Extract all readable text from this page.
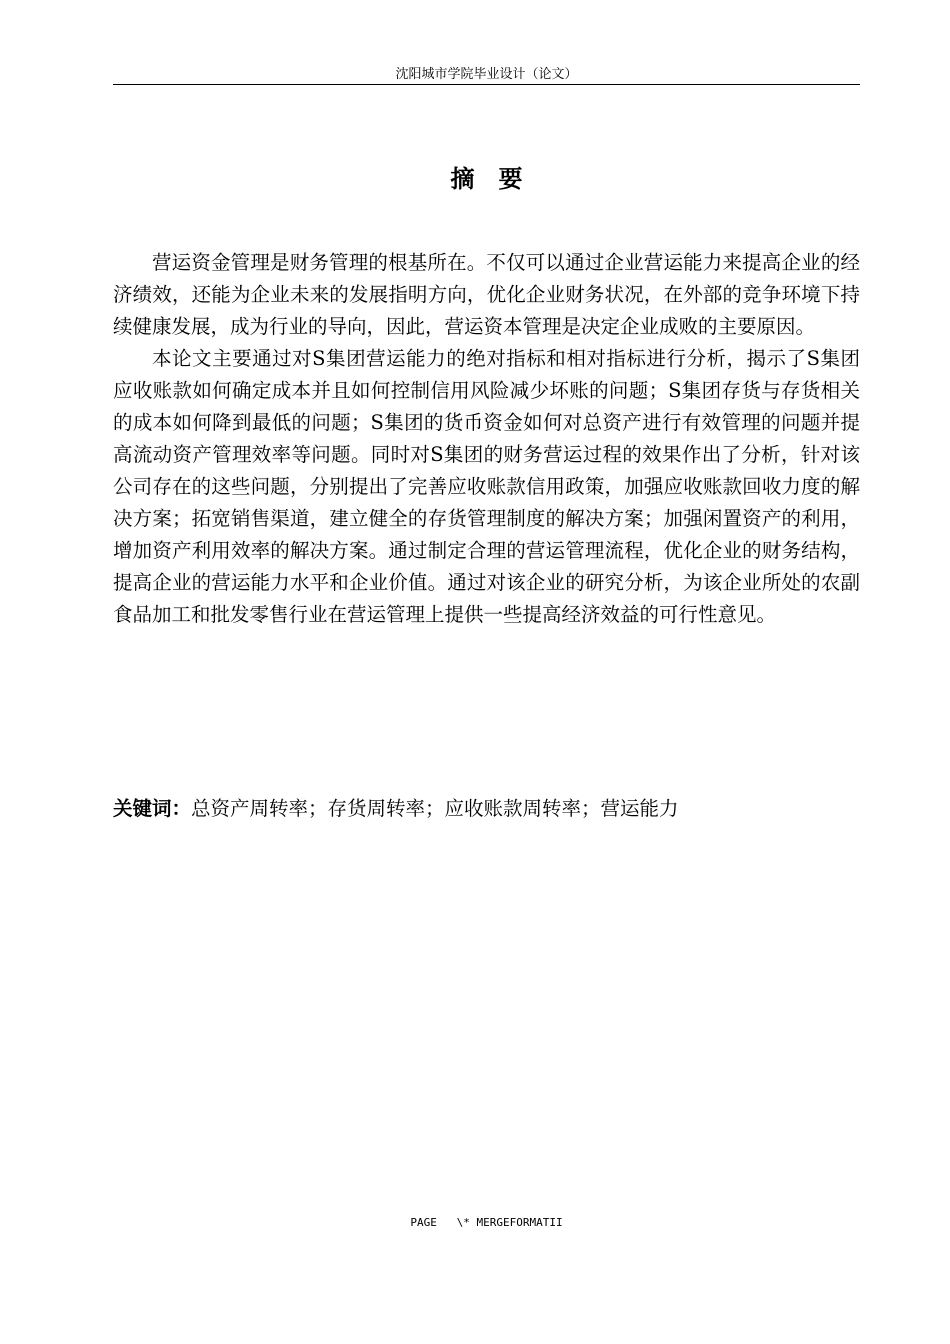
沈阳城市学院毕业设计（论文）
摘　要

营运资金管理是财务管理的根基所在。不仅可以通过企业营运能力来提高企业的经济绩效，还能为企业未来的发展指明方向，优化企业财务状况，在外部的竞争环境下持续健康发展，成为行业的导向，因此，营运资本管理是决定企业成败的主要原因。

本论文主要通过对S集团营运能力的绝对指标和相对指标进行分析，揭示了S集团应收账款如何确定成本并且如何控制信用风险减少坏账的问题；S集团存货与存货相关的成本如何降到最低的问题；S集团的货币资金如何对总资产进行有效管理的问题并提高流动资产管理效率等问题。同时对S集团的财务营运过程的效果作出了分析，针对该公司存在的这些问题，分别提出了完善应收账款信用政策，加强应收账款回收力度的解决方案；拓宽销售渠道，建立健全的存货管理制度的解决方案；加强闲置资产的利用，增加资产利用效率的解决方案。通过制定合理的营运管理流程，优化企业的财务结构，提高企业的营运能力水平和企业价值。通过对该企业的研究分析，为该企业所处的农副食品加工和批发零售行业在营运管理上提供一些提高经济效益的可行性意见。

关键词：总资产周转率；存货周转率；应收账款周转率；营运能力
PAGE   \* MERGEFORMATII
